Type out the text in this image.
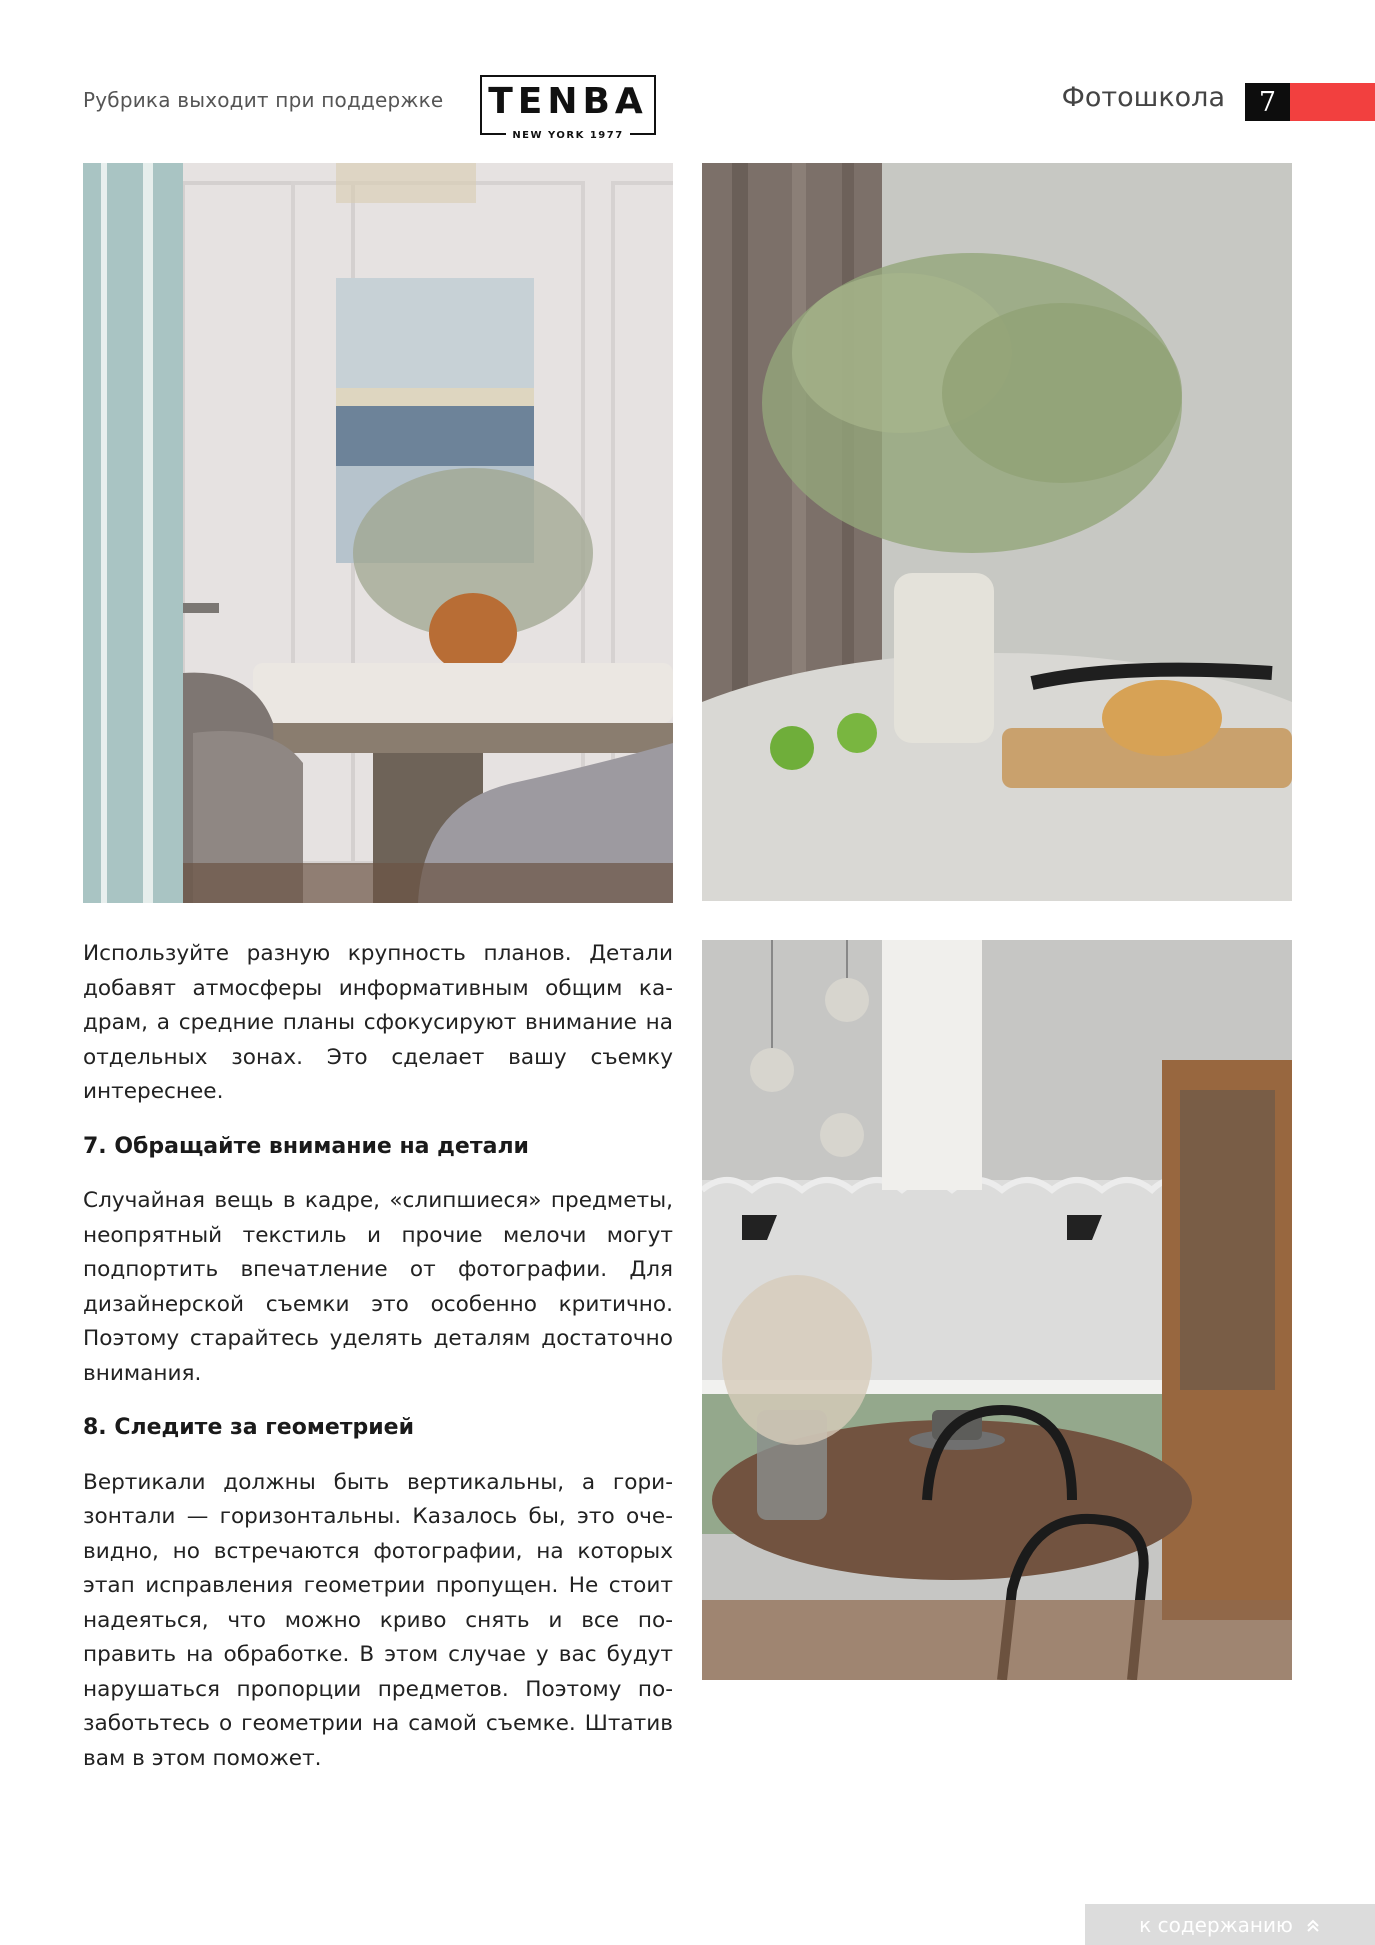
Рубрика выходит при поддержке TENBA
NEW YORK 1977
Фотошкола	7

Используйте разную крупность планов. Детали добавят атмосферы информативным общим кадрам, а средние планы сфокусируют внимание на отдельных зонах. Это сделает вашу съемку интереснее.

7. Обращайте внимание на детали

Случайная вещь в кадре, «слипшиеся» предметы, неопрятный текстиль и прочие мелочи могут подпортить впечатление от фотографии. Для дизайнерской съемки это особенно критично. Поэтому старайтесь уделять деталям достаточно внимания.

8. Следите за геометрией

Вертикали должны быть вертикальны, а горизонтали — горизонтальны. Казалось бы, это очевидно, но встречаются фотографии, на которых этап исправления геометрии пропущен. Не стоит надеяться, что можно криво снять и все поправить на обработке. В этом случае у вас будут нарушаться пропорции предметов. Поэтому позаботьтесь о геометрии на самой съемке. Штатив вам в этом поможет.

к содержанию
